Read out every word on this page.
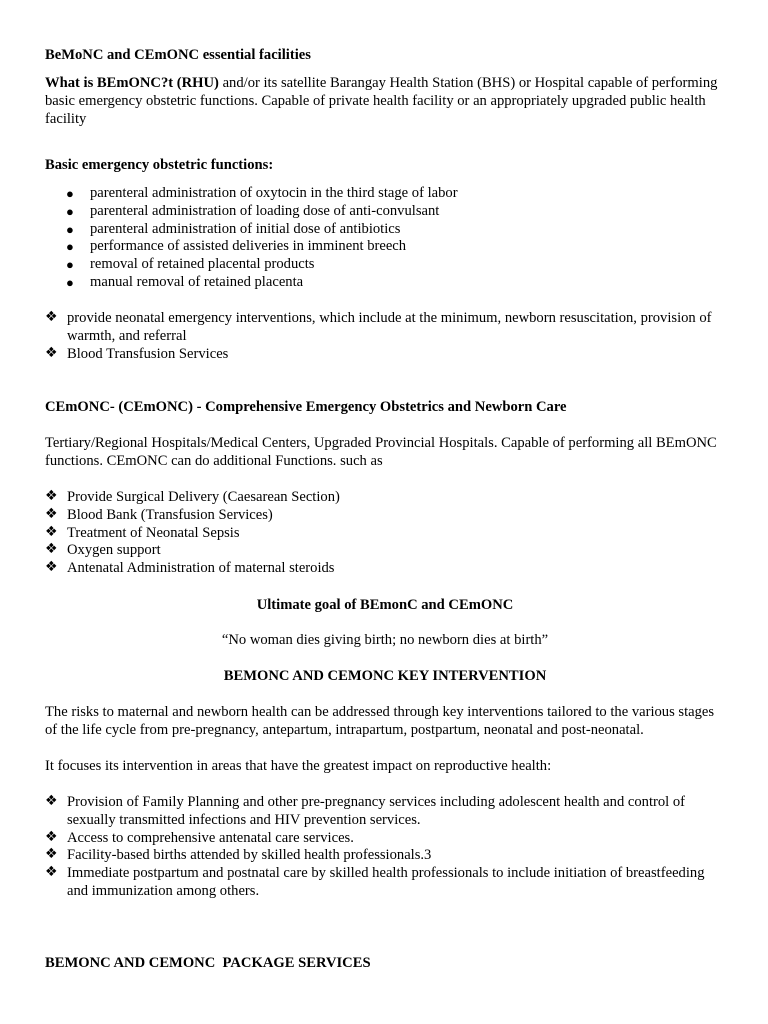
BeMoNC and CEmONC essential facilities

What is BEmONC?t (RHU) and/or its satellite Barangay Health Station (BHS) or Hospital capable of performing basic emergency obstetric functions. Capable of private health facility or an appropriately upgraded public health facility

Basic emergency obstetric functions:

● parenteral administration of oxytocin in the third stage of labor
● parenteral administration of loading dose of anti-convulsant
● parenteral administration of initial dose of antibiotics
● performance of assisted deliveries in imminent breech
● removal of retained placental products
● manual removal of retained placenta
❖ provide neonatal emergency interventions, which include at the minimum, newborn resuscitation, provision of warmth, and referral
❖ Blood Transfusion Services

CEmONC- (CEmONC) - Comprehensive Emergency Obstetrics and Newborn Care

Tertiary/Regional Hospitals/Medical Centers, Upgraded Provincial Hospitals. Capable of performing all BEmONC functions. CEmONC can do additional Functions. such as

❖ Provide Surgical Delivery (Caesarean Section)
❖ Blood Bank (Transfusion Services)
❖ Treatment of Neonatal Sepsis
❖ Oxygen support
❖ Antenatal Administration of maternal steroids

Ultimate goal of BEmonC and CEmONC

“No woman dies giving birth; no newborn dies at birth”

BEMONC AND CEMONC KEY INTERVENTION

The risks to maternal and newborn health can be addressed through key interventions tailored to the various stages of the life cycle from pre-pregnancy, antepartum, intrapartum, postpartum, neonatal and post-neonatal.

It focuses its intervention in areas that have the greatest impact on reproductive health:

❖ Provision of Family Planning and other pre-pregnancy services including adolescent health and control of sexually transmitted infections and HIV prevention services.
❖ Access to comprehensive antenatal care services.
❖ Facility-based births attended by skilled health professionals.3
❖ Immediate postpartum and postnatal care by skilled health professionals to include initiation of breastfeeding and immunization among others.

BEMONC AND CEMONC  PACKAGE SERVICES
